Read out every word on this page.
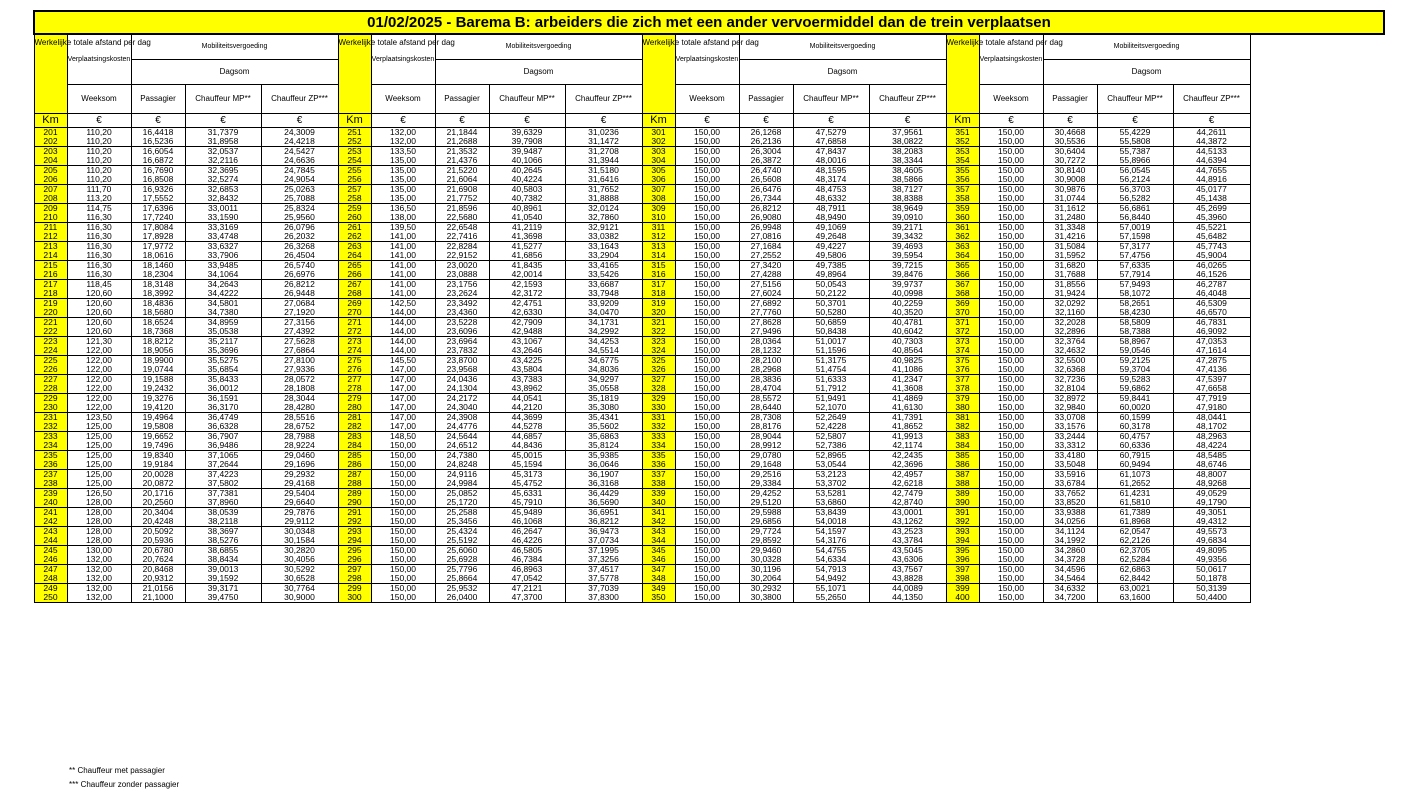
01/02/2025 - Barema B: arbeiders die zich met een ander vervoermiddel dan de trein verplaatsen																			
Werkelijke totale afstand per dag	Verplaatsingskosten	Mobiliteitsvergoeding			Werkelijke totale afstand per dag	Verplaatsingskosten	Mobiliteitsvergoeding			Werkelijke totale afstand per dag	Verplaatsingskosten	Mobiliteitsvergoeding			Werkelijke totale afstand per dag	Verplaatsingskosten	Mobiliteitsvergoeding		
		Dagsom					Dagsom					Dagsom					Dagsom		
	Weeksom	Passagier	Chauffeur MP**	Chauffeur ZP***		Weeksom	Passagier	Chauffeur MP**	Chauffeur ZP***		Weeksom	Passagier	Chauffeur MP**	Chauffeur ZP***		Weeksom	Passagier	Chauffeur MP**	Chauffeur ZP***
Km	€	€	€	€	Km	€	€	€	€	Km	€	€	€	€	Km	€	€	€	€
201	110,20	16,4418	31,7379	24,3009	251	132,00	21,1844	39,6329	31,0236	301	150,00	26,1268	47,5279	37,9561	351	150,00	30,4668	55,4229	44,2611
202	110,20	16,5236	31,8958	24,4218	252	132,00	21,2688	39,7908	31,1472	302	150,00	26,2136	47,6858	38,0822	352	150,00	30,5536	55,5808	44,3872
203	110,20	16,6054	32,0537	24,5427	253	133,50	21,3532	39,9487	31,2708	303	150,00	26,3004	47,8437	38,2083	353	150,00	30,6404	55,7387	44,5133
204	110,20	16,6872	32,2116	24,6636	254	135,00	21,4376	40,1066	31,3944	304	150,00	26,3872	48,0016	38,3344	354	150,00	30,7272	55,8966	44,6394
205	110,20	16,7690	32,3695	24,7845	255	135,00	21,5220	40,2645	31,5180	305	150,00	26,4740	48,1595	38,4605	355	150,00	30,8140	56,0545	44,7655
206	110,20	16,8508	32,5274	24,9054	256	135,00	21,6064	40,4224	31,6416	306	150,00	26,5608	48,3174	38,5866	356	150,00	30,9008	56,2124	44,8916
207	111,70	16,9326	32,6853	25,0263	257	135,00	21,6908	40,5803	31,7652	307	150,00	26,6476	48,4753	38,7127	357	150,00	30,9876	56,3703	45,0177
208	113,20	17,5552	32,8432	25,7088	258	135,00	21,7752	40,7382	31,8888	308	150,00	26,7344	48,6332	38,8388	358	150,00	31,0744	56,5282	45,1438
209	114,75	17,6396	33,0011	25,8324	259	136,50	21,8596	40,8961	32,0124	309	150,00	26,8212	48,7911	38,9649	359	150,00	31,1612	56,6861	45,2699
210	116,30	17,7240	33,1590	25,9560	260	138,00	22,5680	41,0540	32,7860	310	150,00	26,9080	48,9490	39,0910	360	150,00	31,2480	56,8440	45,3960
211	116,30	17,8084	33,3169	26,0796	261	139,50	22,6548	41,2119	32,9121	311	150,00	26,9948	49,1069	39,2171	361	150,00	31,3348	57,0019	45,5221
212	116,30	17,8928	33,4748	26,2032	262	141,00	22,7416	41,3698	33,0382	312	150,00	27,0816	49,2648	39,3432	362	150,00	31,4216	57,1598	45,6482
213	116,30	17,9772	33,6327	26,3268	263	141,00	22,8284	41,5277	33,1643	313	150,00	27,1684	49,4227	39,4693	363	150,00	31,5084	57,3177	45,7743
214	116,30	18,0616	33,7906	26,4504	264	141,00	22,9152	41,6856	33,2904	314	150,00	27,2552	49,5806	39,5954	364	150,00	31,5952	57,4756	45,9004
215	116,30	18,1460	33,9485	26,5740	265	141,00	23,0020	41,8435	33,4165	315	150,00	27,3420	49,7385	39,7215	365	150,00	31,6820	57,6335	46,0265
216	116,30	18,2304	34,1064	26,6976	266	141,00	23,0888	42,0014	33,5426	316	150,00	27,4288	49,8964	39,8476	366	150,00	31,7688	57,7914	46,1526
217	118,45	18,3148	34,2643	26,8212	267	141,00	23,1756	42,1593	33,6687	317	150,00	27,5156	50,0543	39,9737	367	150,00	31,8556	57,9493	46,2787
218	120,60	18,3992	34,4222	26,9448	268	141,00	23,2624	42,3172	33,7948	318	150,00	27,6024	50,2122	40,0998	368	150,00	31,9424	58,1072	46,4048
219	120,60	18,4836	34,5801	27,0684	269	142,50	23,3492	42,4751	33,9209	319	150,00	27,6892	50,3701	40,2259	369	150,00	32,0292	58,2651	46,5309
220	120,60	18,5680	34,7380	27,1920	270	144,00	23,4360	42,6330	34,0470	320	150,00	27,7760	50,5280	40,3520	370	150,00	32,1160	58,4230	46,6570
221	120,60	18,6524	34,8959	27,3156	271	144,00	23,5228	42,7909	34,1731	321	150,00	27,8628	50,6859	40,4781	371	150,00	32,2028	58,5809	46,7831
222	120,60	18,7368	35,0538	27,4392	272	144,00	23,6096	42,9488	34,2992	322	150,00	27,9496	50,8438	40,6042	372	150,00	32,2896	58,7388	46,9092
223	121,30	18,8212	35,2117	27,5628	273	144,00	23,6964	43,1067	34,4253	323	150,00	28,0364	51,0017	40,7303	373	150,00	32,3764	58,8967	47,0353
224	122,00	18,9056	35,3696	27,6864	274	144,00	23,7832	43,2646	34,5514	324	150,00	28,1232	51,1596	40,8564	374	150,00	32,4632	59,0546	47,1614
225	122,00	18,9900	35,5275	27,8100	275	145,50	23,8700	43,4225	34,6775	325	150,00	28,2100	51,3175	40,9825	375	150,00	32,5500	59,2125	47,2875
226	122,00	19,0744	35,6854	27,9336	276	147,00	23,9568	43,5804	34,8036	326	150,00	28,2968	51,4754	41,1086	376	150,00	32,6368	59,3704	47,4136
227	122,00	19,1588	35,8433	28,0572	277	147,00	24,0436	43,7383	34,9297	327	150,00	28,3836	51,6333	41,2347	377	150,00	32,7236	59,5283	47,5397
228	122,00	19,2432	36,0012	28,1808	278	147,00	24,1304	43,8962	35,0558	328	150,00	28,4704	51,7912	41,3608	378	150,00	32,8104	59,6862	47,6658
229	122,00	19,3276	36,1591	28,3044	279	147,00	24,2172	44,0541	35,1819	329	150,00	28,5572	51,9491	41,4869	379	150,00	32,8972	59,8441	47,7919
230	122,00	19,4120	36,3170	28,4280	280	147,00	24,3040	44,2120	35,3080	330	150,00	28,6440	52,1070	41,6130	380	150,00	32,9840	60,0020	47,9180
231	123,50	19,4964	36,4749	28,5516	281	147,00	24,3908	44,3699	35,4341	331	150,00	28,7308	52,2649	41,7391	381	150,00	33,0708	60,1599	48,0441
232	125,00	19,5808	36,6328	28,6752	282	147,00	24,4776	44,5278	35,5602	332	150,00	28,8176	52,4228	41,8652	382	150,00	33,1576	60,3178	48,1702
233	125,00	19,6652	36,7907	28,7988	283	148,50	24,5644	44,6857	35,6863	333	150,00	28,9044	52,5807	41,9913	383	150,00	33,2444	60,4757	48,2963
234	125,00	19,7496	36,9486	28,9224	284	150,00	24,6512	44,8436	35,8124	334	150,00	28,9912	52,7386	42,1174	384	150,00	33,3312	60,6336	48,4224
235	125,00	19,8340	37,1065	29,0460	285	150,00	24,7380	45,0015	35,9385	335	150,00	29,0780	52,8965	42,2435	385	150,00	33,4180	60,7915	48,5485
236	125,00	19,9184	37,2644	29,1696	286	150,00	24,8248	45,1594	36,0646	336	150,00	29,1648	53,0544	42,3696	386	150,00	33,5048	60,9494	48,6746
237	125,00	20,0028	37,4223	29,2932	287	150,00	24,9116	45,3173	36,1907	337	150,00	29,2516	53,2123	42,4957	387	150,00	33,5916	61,1073	48,8007
238	125,00	20,0872	37,5802	29,4168	288	150,00	24,9984	45,4752	36,3168	338	150,00	29,3384	53,3702	42,6218	388	150,00	33,6784	61,2652	48,9268
239	126,50	20,1716	37,7381	29,5404	289	150,00	25,0852	45,6331	36,4429	339	150,00	29,4252	53,5281	42,7479	389	150,00	33,7652	61,4231	49,0529
240	128,00	20,2560	37,8960	29,6640	290	150,00	25,1720	45,7910	36,5690	340	150,00	29,5120	53,6860	42,8740	390	150,00	33,8520	61,5810	49,1790
241	128,00	20,3404	38,0539	29,7876	291	150,00	25,2588	45,9489	36,6951	341	150,00	29,5988	53,8439	43,0001	391	150,00	33,9388	61,7389	49,3051
242	128,00	20,4248	38,2118	29,9112	292	150,00	25,3456	46,1068	36,8212	342	150,00	29,6856	54,0018	43,1262	392	150,00	34,0256	61,8968	49,4312
243	128,00	20,5092	38,3697	30,0348	293	150,00	25,4324	46,2647	36,9473	343	150,00	29,7724	54,1597	43,2523	393	150,00	34,1124	62,0547	49,5573
244	128,00	20,5936	38,5276	30,1584	294	150,00	25,5192	46,4226	37,0734	344	150,00	29,8592	54,3176	43,3784	394	150,00	34,1992	62,2126	49,6834
245	130,00	20,6780	38,6855	30,2820	295	150,00	25,6060	46,5805	37,1995	345	150,00	29,9460	54,4755	43,5045	395	150,00	34,2860	62,3705	49,8095
246	132,00	20,7624	38,8434	30,4056	296	150,00	25,6928	46,7384	37,3256	346	150,00	30,0328	54,6334	43,6306	396	150,00	34,3728	62,5284	49,9356
247	132,00	20,8468	39,0013	30,5292	297	150,00	25,7796	46,8963	37,4517	347	150,00	30,1196	54,7913	43,7567	397	150,00	34,4596	62,6863	50,0617
248	132,00	20,9312	39,1592	30,6528	298	150,00	25,8664	47,0542	37,5778	348	150,00	30,2064	54,9492	43,8828	398	150,00	34,5464	62,8442	50,1878
249	132,00	21,0156	39,3171	30,7764	299	150,00	25,9532	47,2121	37,7039	349	150,00	30,2932	55,1071	44,0089	399	150,00	34,6332	63,0021	50,3139
250	132,00	21,1000	39,4750	30,9000	300	150,00	26,0400	47,3700	37,8300	350	150,00	30,3800	55,2650	44,1350	400	150,00	34,7200	63,1600	50,4400
** Chauffeur met passagier
*** Chauffeur zonder passagier
